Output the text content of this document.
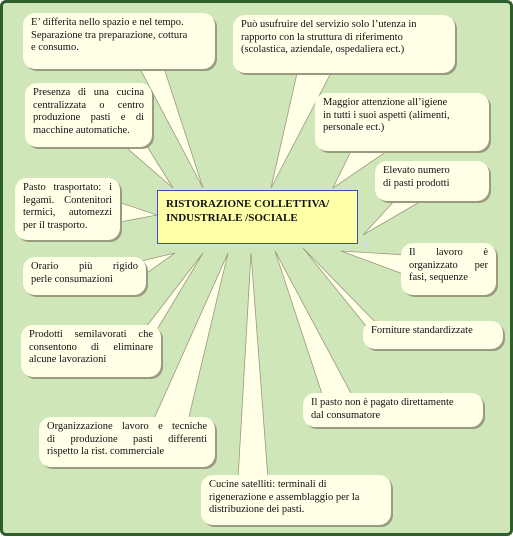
RISTORAZIONE COLLETTIVA/
INDUSTRIALE /SOCIALE
E’ differita nello spazio e nel tempo.
Separazione tra preparazione, cottura
e consumo.
Può usufruire del servizio solo l’utenza in
rapporto con la struttura di riferimento
(scolastica, aziendale, ospedaliera ect.)
Presenza di una cucina
centralizzata o centro
produzione pasti e di
macchine automatiche.
Maggior attenzione all’igiene
in tutti i suoi aspetti (alimenti,
personale ect.)
Elevato numero
di pasti prodotti
Pasto trasportato: i
legami. Contenitori
termici, automezzi
per il trasporto.
Il lavoro è
organizzato per
fasi, sequenze
Orario più rigido
perle consumazioni
Forniture standardizzate
Prodotti semilavorati che
consentono di eliminare
alcune lavorazioni
Il pasto non è pagato direttamente
dal consumatore
Organizzazione lavoro e tecniche
di produzione pasti differenti
rispetto la rist. commerciale
Cucine satelliti: terminali di
rigenerazione e assemblaggio per la
distribuzione dei pasti.
